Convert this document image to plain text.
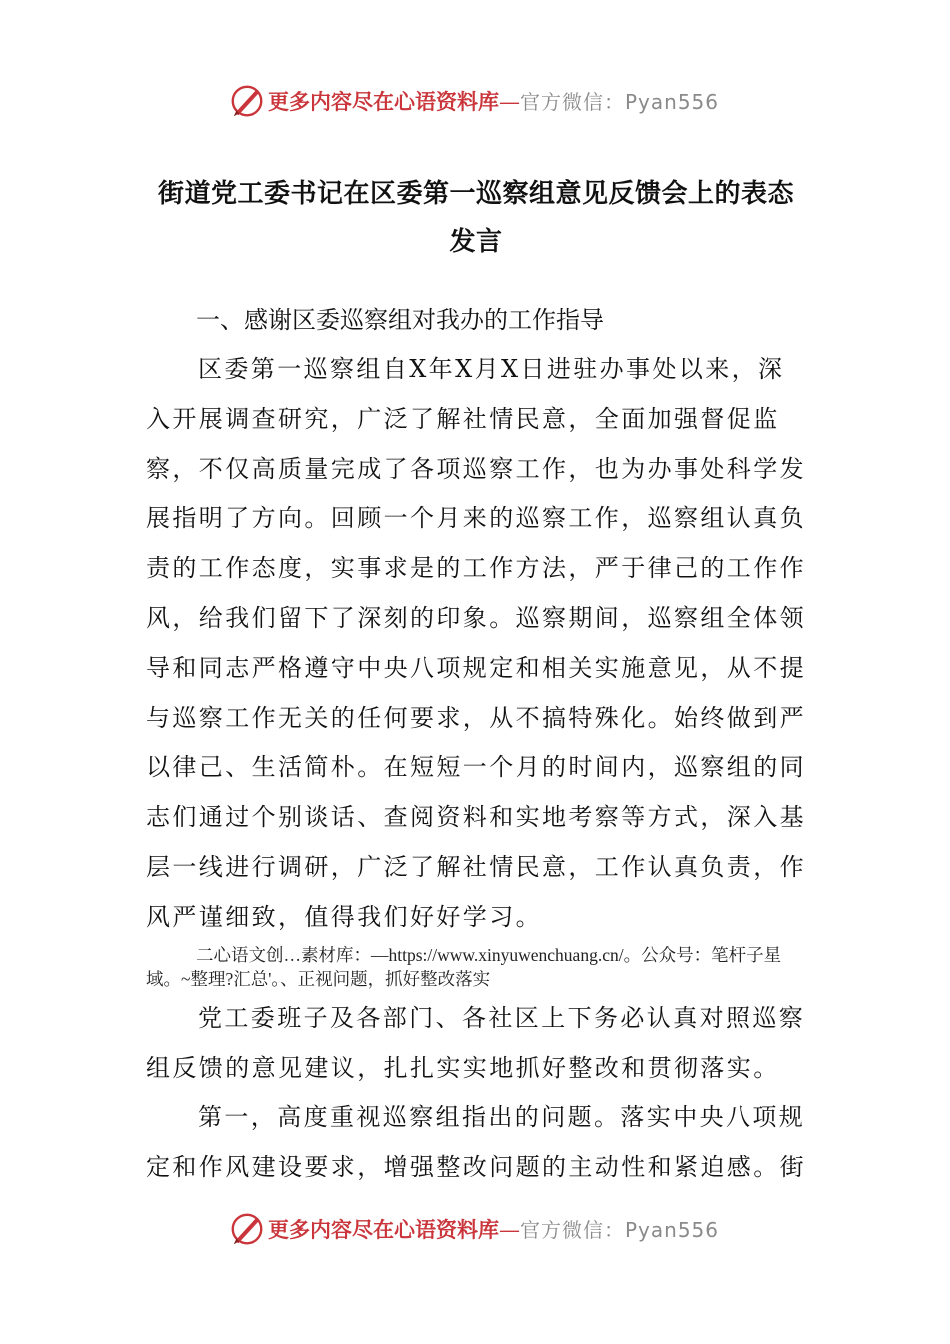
更多内容尽在心语资料库—官方微信：Pyan556
街道党工委书记在区委第一巡察组意见反馈会上的表态发言
一、感谢区委巡察组对我办的工作指导

区委第一巡察组自X年X月X日进驻办事处以来，深入开展调查研究，广泛了解社情民意，全面加强督促监察，不仅高质量完成了各项巡察工作，也为办事处科学发展指明了方向。回顾一个月来的巡察工作，巡察组认真负责的工作态度，实事求是的工作方法，严于律己的工作作风，给我们留下了深刻的印象。巡察期间，巡察组全体领导和同志严格遵守中央八项规定和相关实施意见，从不提与巡察工作无关的任何要求，从不搞特殊化。始终做到严以律己、生活简朴。在短短一个月的时间内，巡察组的同志们通过个别谈话、查阅资料和实地考察等方式，深入基层一线进行调研，广泛了解社情民意，工作认真负责，作风严谨细致，值得我们好好学习。

二心语文创…素材库：—https://www.xinyuwenchuang.cn/。公众号：笔杆子星域。~整理?汇总'。、正视问题，抓好整改落实

党工委班子及各部门、各社区上下务必认真对照巡察组反馈的意见建议，扎扎实实地抓好整改和贯彻落实。

第一，高度重视巡察组指出的问题。落实中央八项规定和作风建设要求，增强整改问题的主动性和紧迫感。街

更多内容尽在心语资料库—官方微信：Pyan556
